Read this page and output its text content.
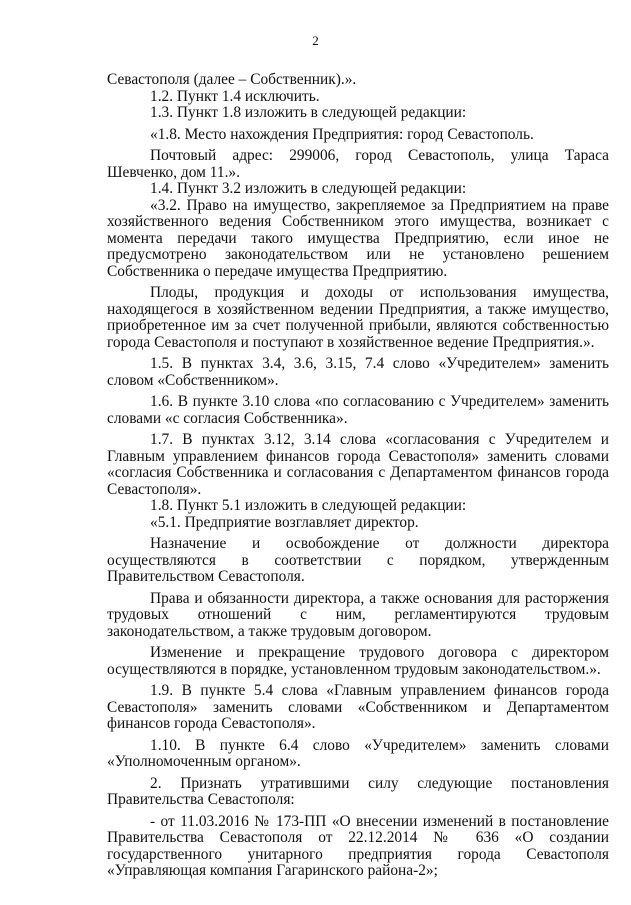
2

Севастополя (далее – Собственник).».

1.2. Пункт 1.4 исключить.

1.3. Пункт 1.8 изложить в следующей редакции:

«1.8. Место нахождения Предприятия: город Севастополь.

Почтовый адрес: 299006, город Севастополь, улица Тараса Шевченко, дом 11.».

1.4. Пункт 3.2 изложить в следующей редакции:

«3.2. Право на имущество, закрепляемое за Предприятием на праве хозяйственного ведения Собственником этого имущества, возникает с момента передачи такого имущества Предприятию, если иное не предусмотрено законодательством или не установлено решением Собственника о передаче имущества Предприятию.

Плоды, продукция и доходы от использования имущества, находящегося в хозяйственном ведении Предприятия, а также имущество, приобретенное им за счет полученной прибыли, являются собственностью города Севастополя и поступают в хозяйственное ведение Предприятия.».

1.5. В пунктах 3.4, 3.6, 3.15, 7.4 слово «Учредителем» заменить словом «Собственником».

1.6. В пункте 3.10 слова «по согласованию с Учредителем» заменить словами «с согласия Собственника».

1.7. В пунктах 3.12, 3.14 слова «согласования с Учредителем и Главным управлением финансов города Севастополя» заменить словами «согласия Собственника и согласования с Департаментом финансов города Севастополя».

1.8. Пункт 5.1 изложить в следующей редакции:

«5.1. Предприятие возглавляет директор.

Назначение и освобождение от должности директора осуществляются в соответствии с порядком, утвержденным Правительством Севастополя.

Права и обязанности директора, а также основания для расторжения трудовых отношений с ним, регламентируются трудовым законодательством, а также трудовым договором.

Изменение и прекращение трудового договора с директором осуществляются в порядке, установленном трудовым законодательством.».

1.9. В пункте 5.4 слова «Главным управлением финансов города Севастополя» заменить словами «Собственником и Департаментом финансов города Севастополя».

1.10. В пункте 6.4 слово «Учредителем» заменить словами «Уполномоченным органом».

2. Признать утратившими силу следующие постановления Правительства Севастополя:

- от 11.03.2016 № 173-ПП «О внесении изменений в постановление Правительства Севастополя от 22.12.2014 № 636 «О создании государственного унитарного предприятия города Севастополя «Управляющая компания Гагаринского района-2»;
